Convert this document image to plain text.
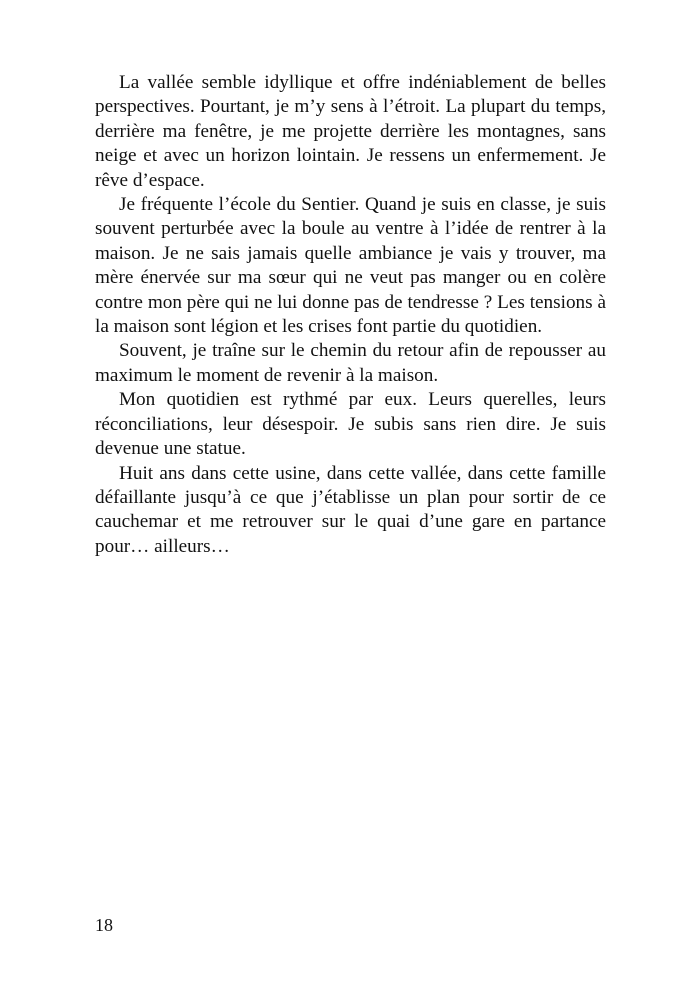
La vallée semble idyllique et offre indéniablement de belles perspectives. Pourtant, je m’y sens à l’étroit. La plupart du temps, derrière ma fenêtre, je me projette derrière les montagnes, sans neige et avec un horizon lointain. Je ressens un enfermement. Je rêve d’espace.

Je fréquente l’école du Sentier. Quand je suis en classe, je suis souvent perturbée avec la boule au ventre à l’idée de rentrer à la maison. Je ne sais jamais quelle ambiance je vais y trouver, ma mère énervée sur ma sœur qui ne veut pas manger ou en colère contre mon père qui ne lui donne pas de tendresse ? Les tensions à la maison sont légion et les crises font partie du quotidien.

Souvent, je traîne sur le chemin du retour afin de repousser au maximum le moment de revenir à la maison.

Mon quotidien est rythmé par eux. Leurs querelles, leurs réconciliations, leur désespoir. Je subis sans rien dire. Je suis devenue une statue.

Huit ans dans cette usine, dans cette vallée, dans cette famille défaillante jusqu’à ce que j’établisse un plan pour sortir de ce cauchemar et me retrouver sur le quai d’une gare en partance pour… ailleurs…

18
